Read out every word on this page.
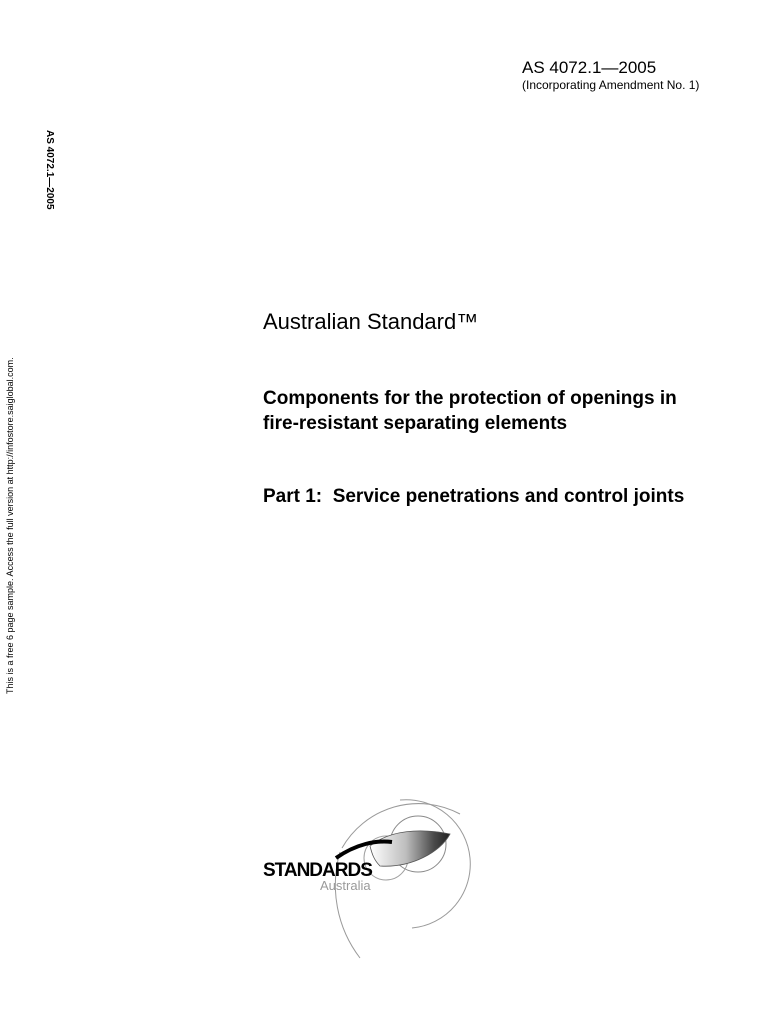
AS 4072.1—2005
(Incorporating Amendment No. 1)
AS 4072.1—2005
This is a free 6 page sample. Access the full version at http://infostore.saiglobal.com.
Australian Standard™
Components for the protection of openings in fire-resistant separating elements
Part 1:  Service penetrations and control joints
STANDARDS
Australia
